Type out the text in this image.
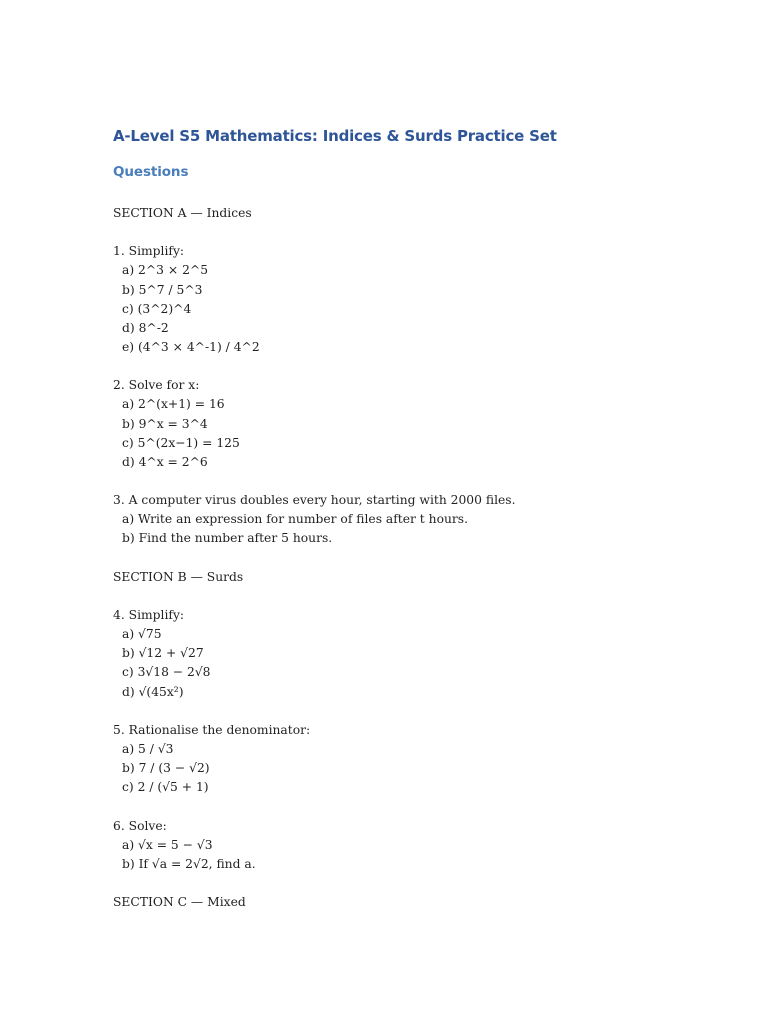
A-Level S5 Mathematics: Indices & Surds Practice Set
Questions
SECTION A — Indices
1. Simplify:
a) 2^3 × 2^5
b) 5^7 / 5^3
c) (3^2)^4
d) 8^-2
e) (4^3 × 4^-1) / 4^2
2. Solve for x:
a) 2^(x+1) = 16
b) 9^x = 3^4
c) 5^(2x−1) = 125
d) 4^x = 2^6
3. A computer virus doubles every hour, starting with 2000 files.
a) Write an expression for number of files after t hours.
b) Find the number after 5 hours.
SECTION B — Surds
4. Simplify:
a) √75
b) √12 + √27
c) 3√18 − 2√8
d) √(45x²)
5. Rationalise the denominator:
a) 5 / √3
b) 7 / (3 − √2)
c) 2 / (√5 + 1)
6. Solve:
a) √x = 5 − √3
b) If √a = 2√2, find a.
SECTION C — Mixed
